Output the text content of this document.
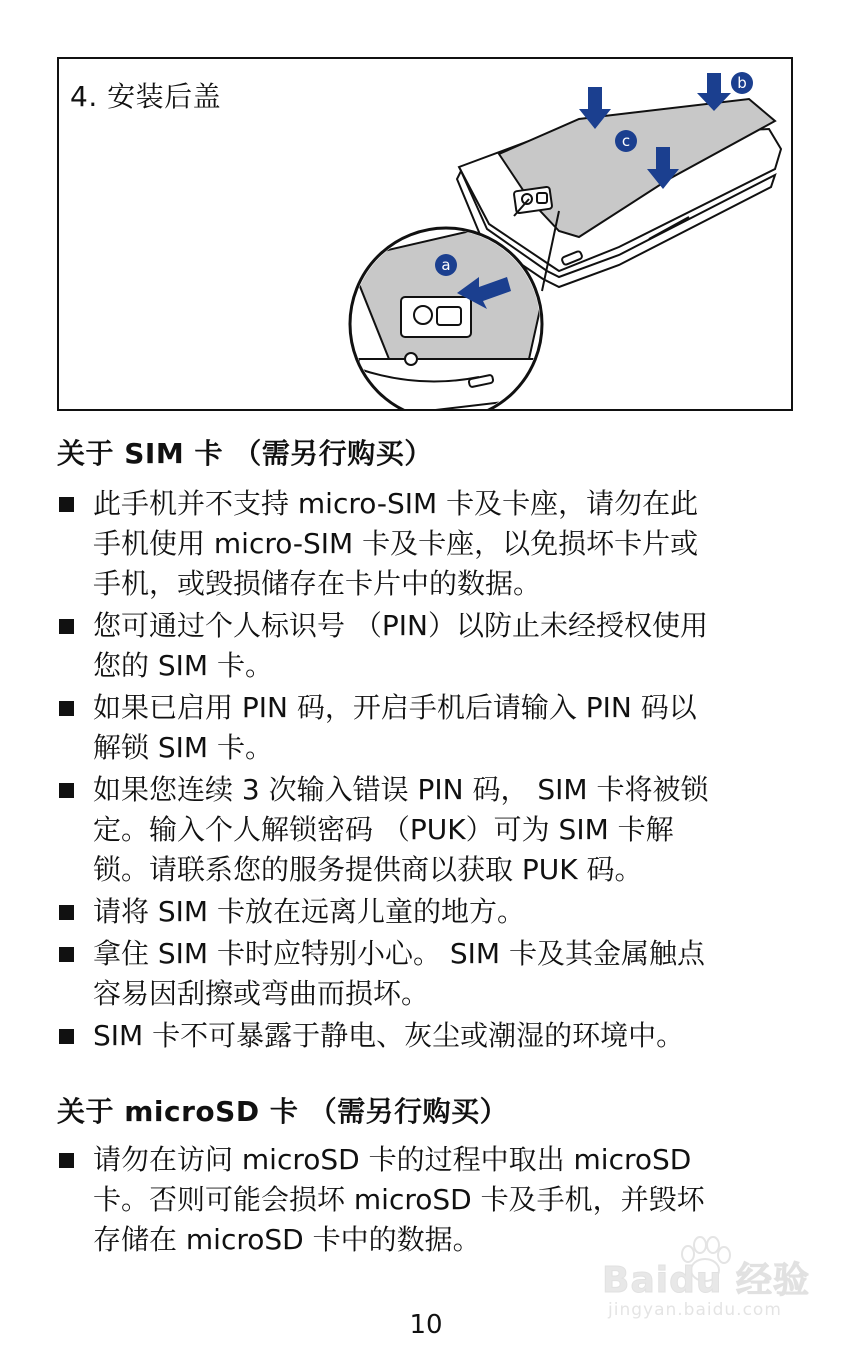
4. 安装后盖
a
b
c
关于 SIM 卡 （需另行购买）
此手机并不支持 micro-SIM 卡及卡座，请勿在此
手机使用 micro-SIM 卡及卡座，以免损坏卡片或
手机，或毁损储存在卡片中的数据。
您可通过个人标识号 （PIN）以防止未经授权使用
您的 SIM 卡。
如果已启用 PIN 码，开启手机后请输入 PIN 码以
解锁 SIM 卡。
如果您连续 3 次输入错误 PIN 码， SIM 卡将被锁
定。输入个人解锁密码 （PUK）可为 SIM 卡解
锁。请联系您的服务提供商以获取 PUK 码。
请将 SIM 卡放在远离儿童的地方。
拿住 SIM 卡时应特别小心。 SIM 卡及其金属触点
容易因刮擦或弯曲而损坏。
SIM 卡不可暴露于静电、灰尘或潮湿的环境中。
关于 microSD 卡 （需另行购买）
请勿在访问 microSD 卡的过程中取出 microSD
卡。否则可能会损坏 microSD 卡及手机，并毁坏
存储在 microSD 卡中的数据。
Baidu 经验
jingyan.baidu.com
10
